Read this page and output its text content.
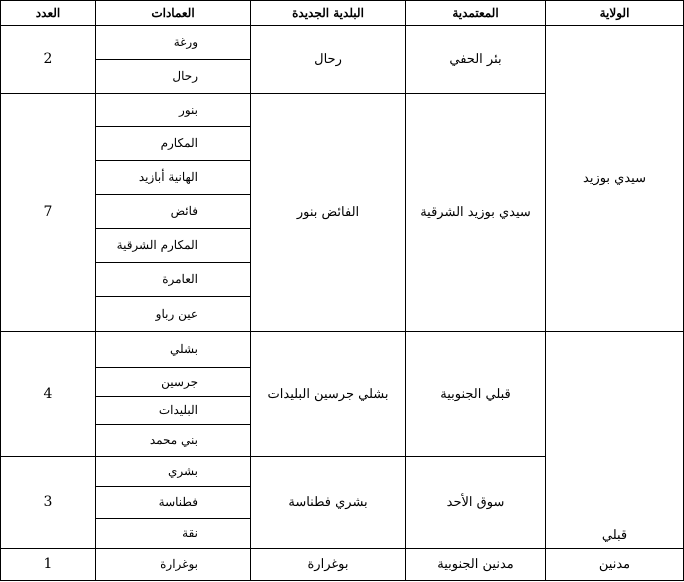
الولاية
المعتمدية
البلدية الجديدة
العمادات
العدد
سيدي بوزيد
قبلي
مدنين
بئر الحفي
رحال
2
ورغة
رحال
سيدي بوزيد الشرقية
الفائض بنور
7
بنور
المكارم
الهانية أبازيد
فائض
المكارم الشرقية
العامرة
عين رباو
قبلي الجنوبية
بشلي جرسين البليدات
4
بشلي
جرسين
البليدات
بني محمد
سوق الأحد
بشري فطناسة
3
بشري
فطناسة
نقة
مدنين الجنوبية
بوغرارة
1	بوغرارة
